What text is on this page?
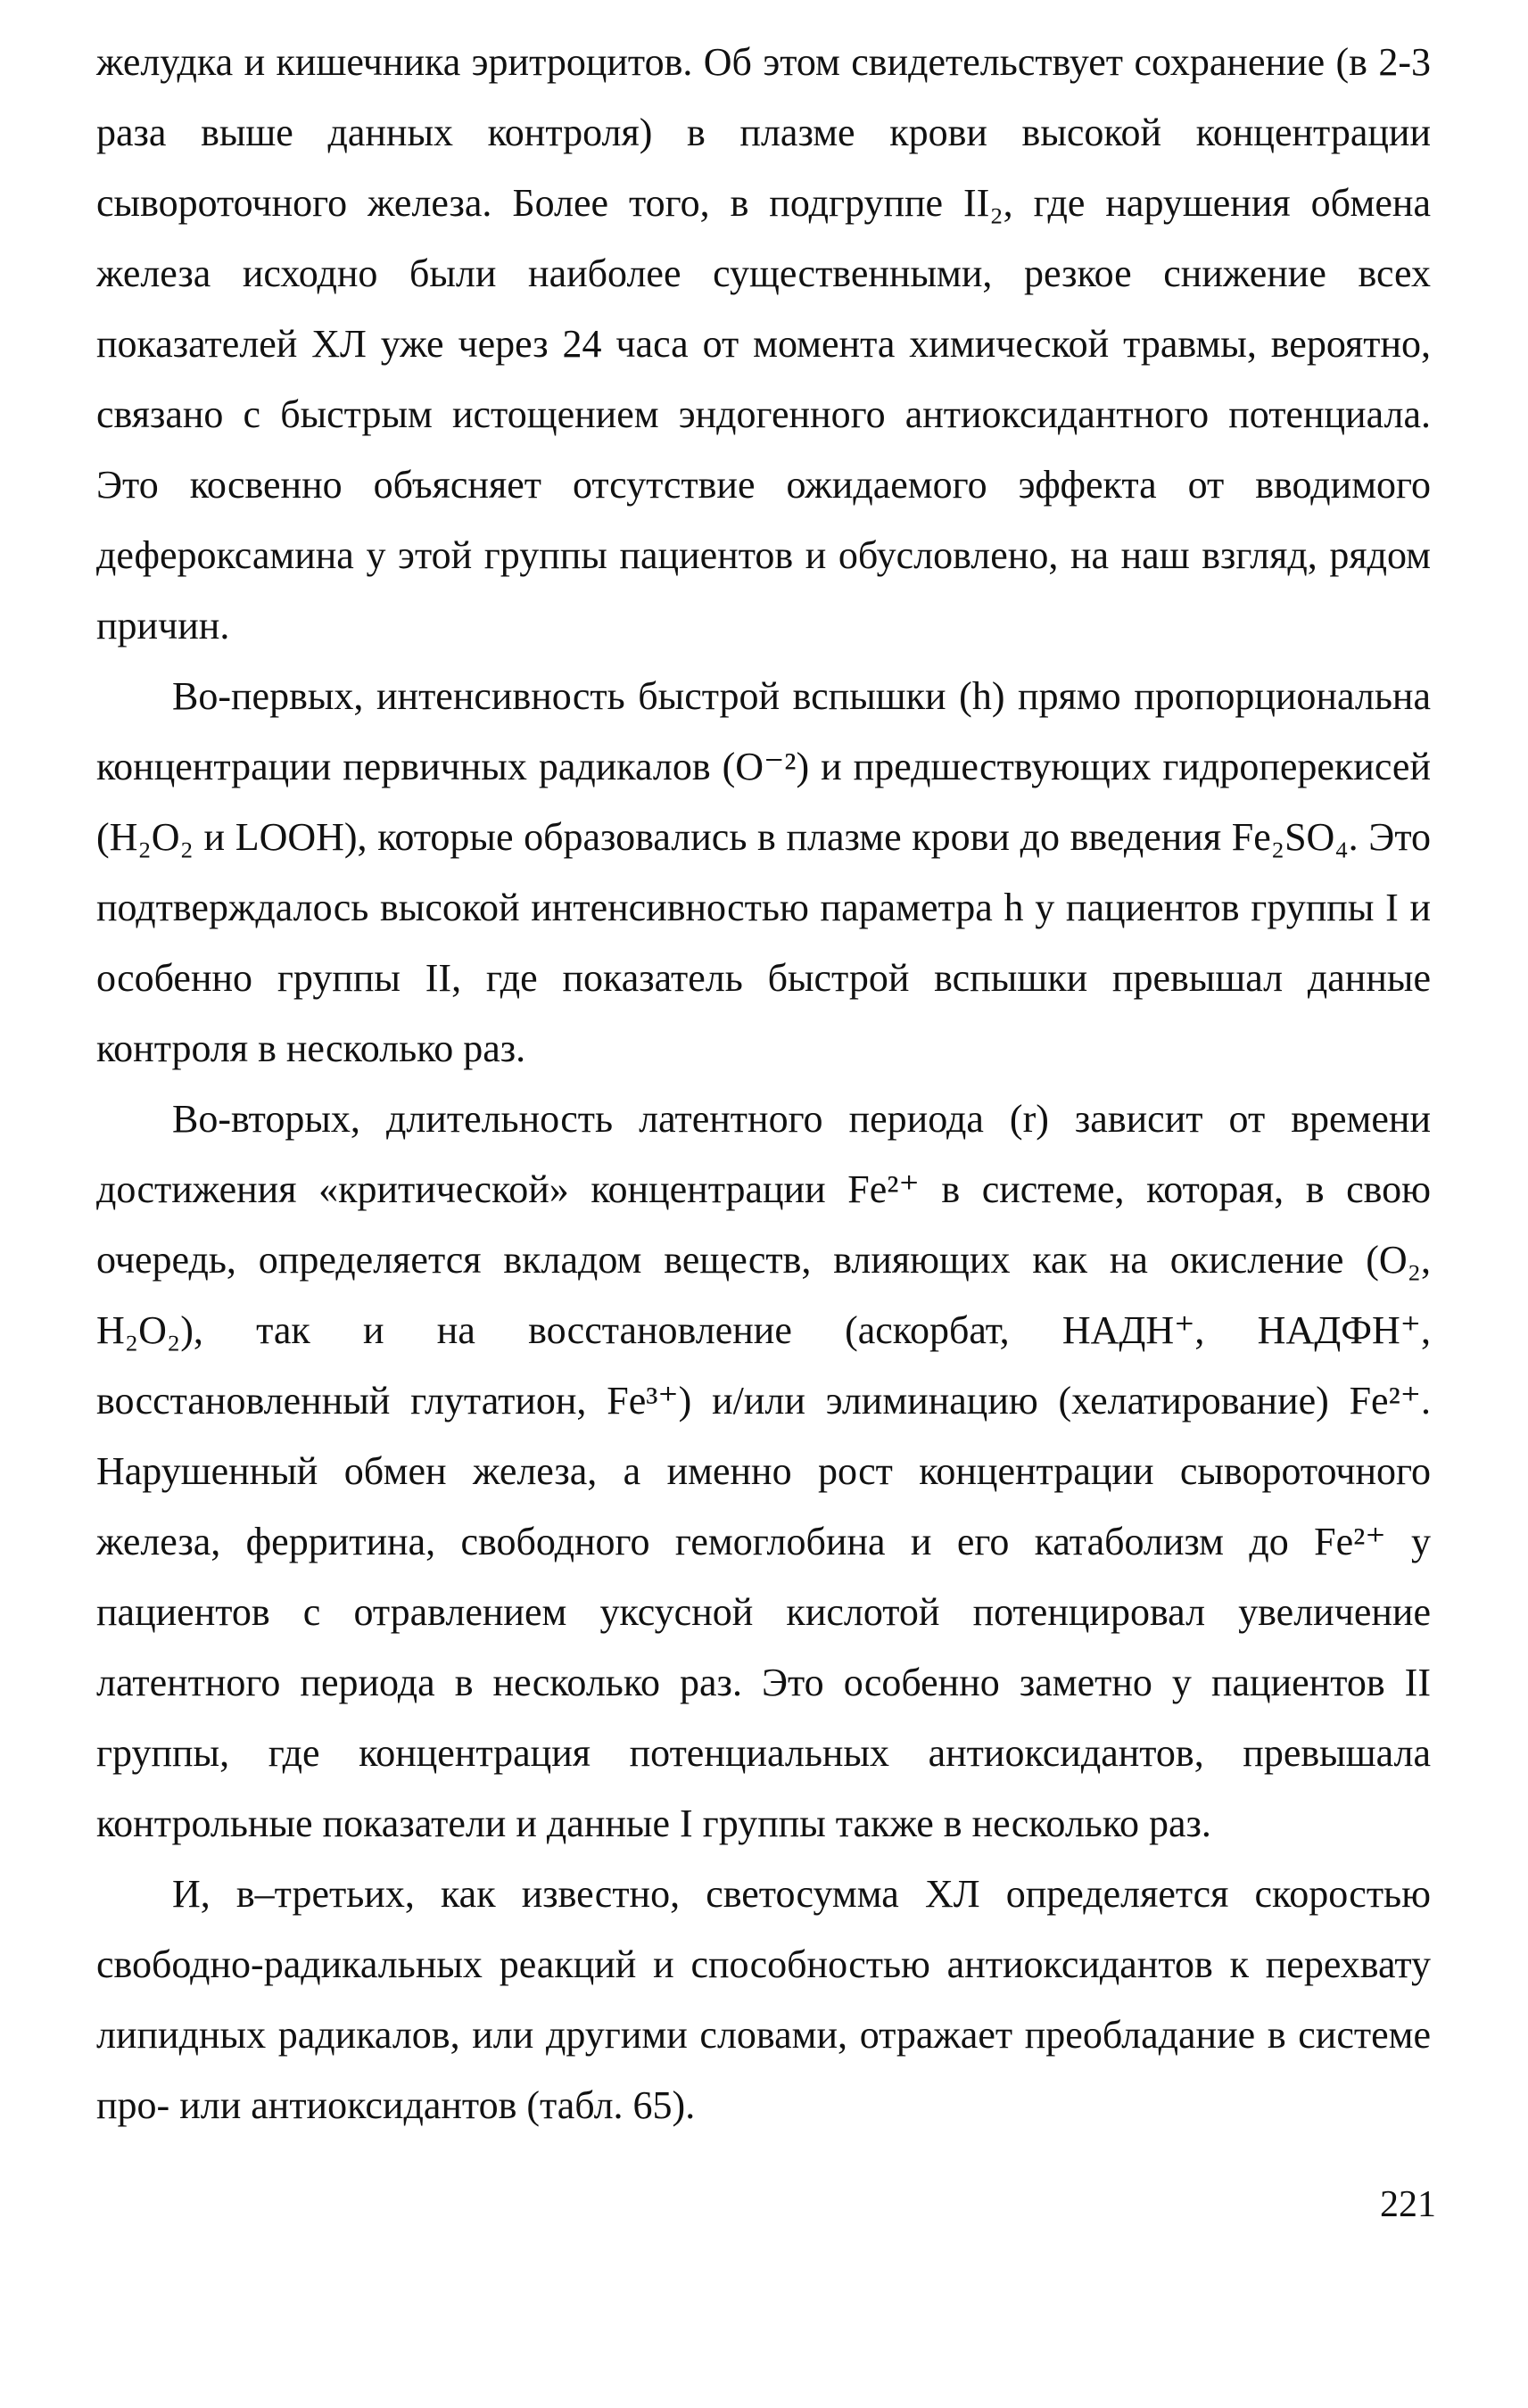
желудка и кишечника эритроцитов. Об этом свидетельствует сохранение (в 2-3 раза выше данных контроля) в плазме крови высокой концентрации сывороточного железа. Более того, в подгруппе II₂, где нарушения обмена железа исходно были наиболее существенными, резкое снижение всех показателей ХЛ уже через 24 часа от момента химической травмы, вероятно, связано с быстрым истощением эндогенного антиоксидантного потенциала. Это косвенно объясняет отсутствие ожидаемого эффекта от вводимого дефероксамина у этой группы пациентов и обусловлено, на наш взгляд, рядом причин.

Во-первых, интенсивность быстрой вспышки (h) прямо пропорциональна концентрации первичных радикалов (O⁻²) и предшествующих гидроперекисей (H₂O₂ и LOOH), которые образовались в плазме крови до введения Fe₂SO₄. Это подтверждалось высокой интенсивностью параметра h у пациентов группы I и особенно группы II, где показатель быстрой вспышки превышал данные контроля в несколько раз.

Во-вторых, длительность латентного периода (r) зависит от времени достижения «критической» концентрации Fe²⁺ в системе, которая, в свою очередь, определяется вкладом веществ, влияющих как на окисление (O₂, H₂O₂), так и на восстановление (аскорбат, НАДН⁺, НАДФН⁺, восстановленный глутатион, Fe³⁺) и/или элиминацию (хелатирование) Fe²⁺. Нарушенный обмен железа, а именно рост концентрации сывороточного железа, ферритина, свободного гемоглобина и его катаболизм до Fe²⁺ у пациентов с отравлением уксусной кислотой потенцировал увеличение латентного периода в несколько раз. Это особенно заметно у пациентов II группы, где концентрация потенциальных антиоксидантов, превышала контрольные показатели и данные I группы также в несколько раз.

И, в–третьих, как известно, светосумма ХЛ определяется скоростью свободно-радикальных реакций и способностью антиоксидантов к перехвату липидных радикалов, или другими словами, отражает преобладание в системе про- или антиоксидантов (табл. 65).

221
